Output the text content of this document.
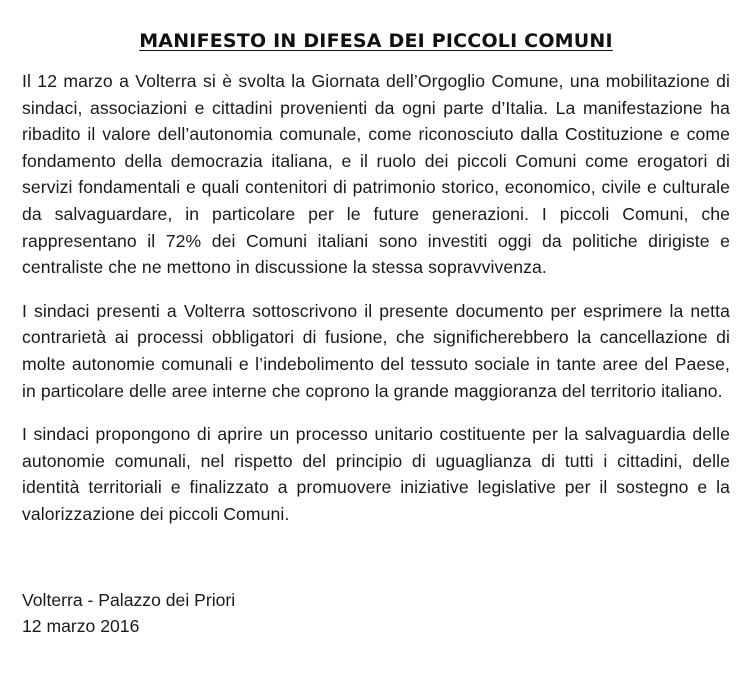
MANIFESTO IN DIFESA DEI PICCOLI COMUNI

Il 12 marzo a Volterra si è svolta la Giornata dell’Orgoglio Comune, una mobilitazione di sindaci, associazioni e cittadini provenienti da ogni parte d’Italia. La manifestazione ha ribadito il valore dell’autonomia comunale, come riconosciuto dalla Costituzione e come fondamento della democrazia italiana, e il ruolo dei piccoli Comuni come erogatori di servizi fondamentali e quali contenitori di patrimonio storico, economico, civile e culturale da salvaguardare, in particolare per le future generazioni. I piccoli Comuni, che rappresentano il 72% dei Comuni italiani sono investiti oggi da politiche dirigiste e centraliste che ne mettono in discussione la stessa sopravvivenza.

I sindaci presenti a Volterra sottoscrivono il presente documento per esprimere la netta contrarietà ai processi obbligatori di fusione, che significherebbero la cancellazione di molte autonomie comunali e l’indebolimento del tessuto sociale in tante aree del Paese, in particolare delle aree interne che coprono la grande maggioranza del territorio italiano.

I sindaci propongono di aprire un processo unitario costituente per la salvaguardia delle autonomie comunali, nel rispetto del principio di uguaglianza di tutti i cittadini, delle identità territoriali e finalizzato a promuovere iniziative legislative per il sostegno e la valorizzazione dei piccoli Comuni.

Volterra - Palazzo dei Priori
12 marzo 2016
